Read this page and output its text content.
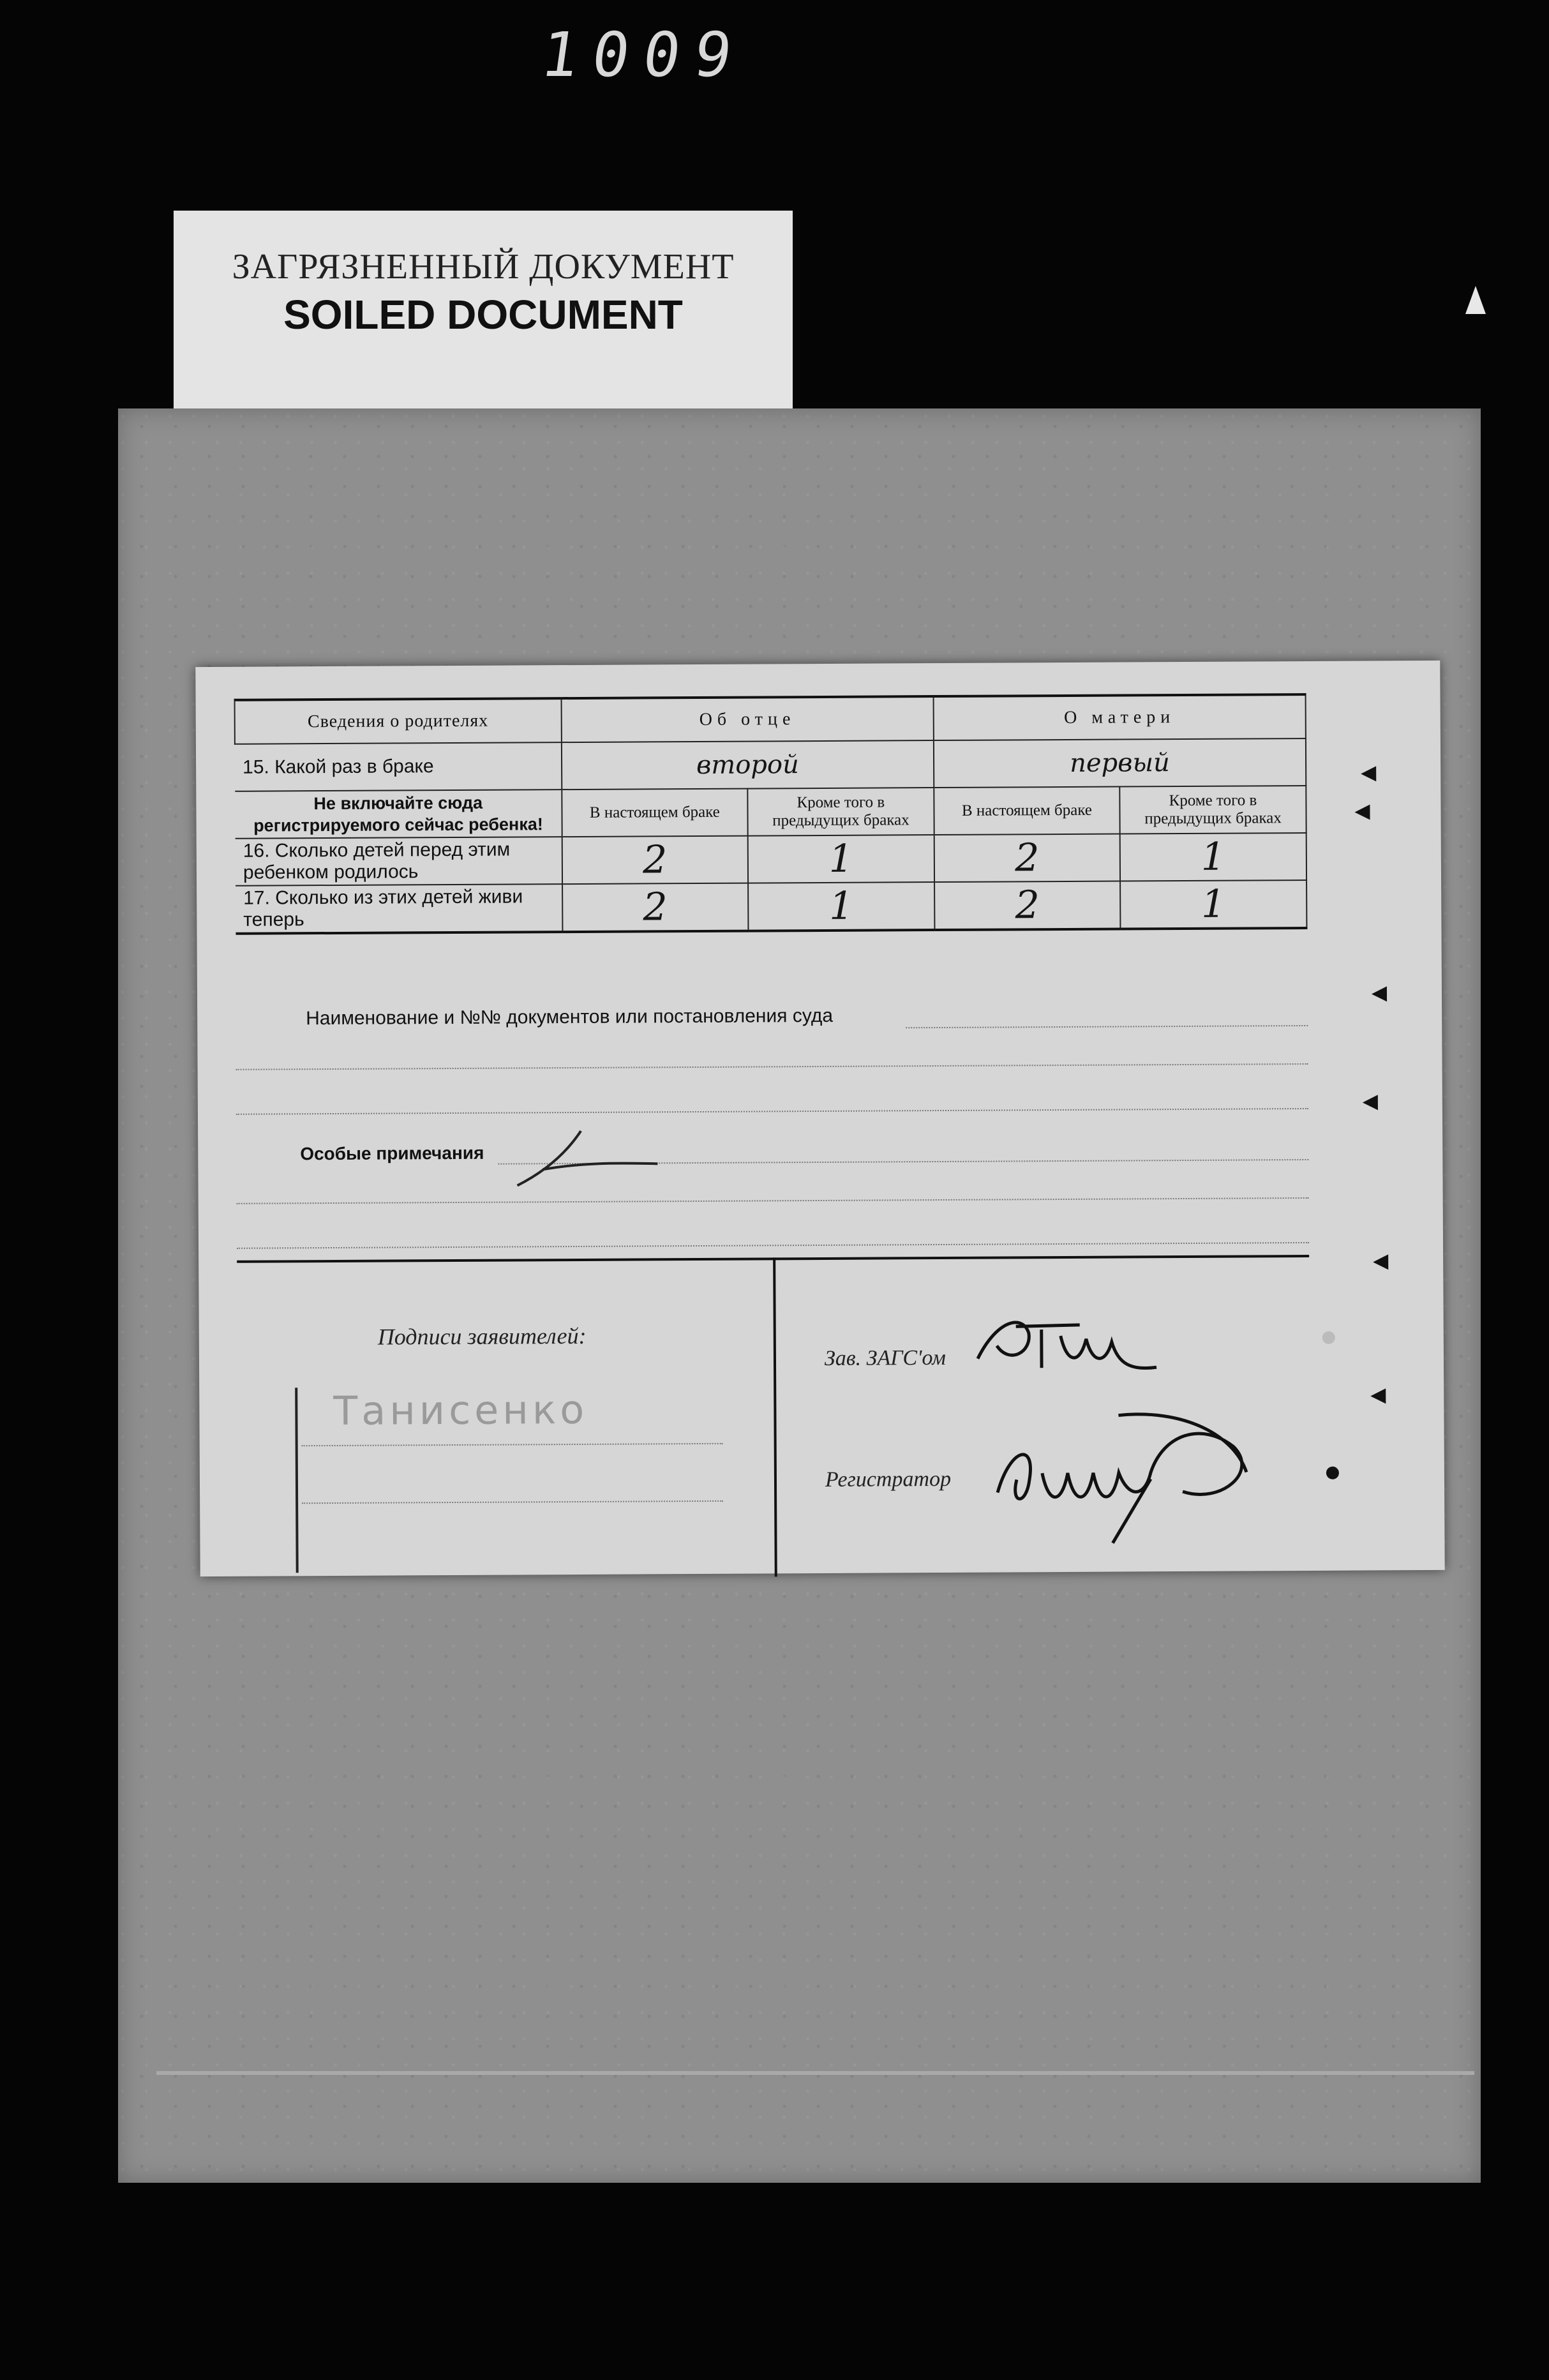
1009
ЗАГРЯЗНЕННЫЙ ДОКУМЕНТ
SOILED DOCUMENT
Сведения о родителях	Об отце		О матери	
15. Какой раз в браке	второй		первый	
Не включайте сюда регистрируемого сейчас ребенка!	В настоящем браке	Кроме того в предыдущих браках	В настоящем браке	Кроме того в предыдущих браках
16. Сколько детей перед этим ребенком родилось	2	1	2	1
17. Сколько из этих детей живи теперь	2	1	2	1
Наименование и №№ документов или постановления суда
Особые примечания
Подписи заявителей:
Танисенко
Зав. ЗАГС'ом
Регистратор
